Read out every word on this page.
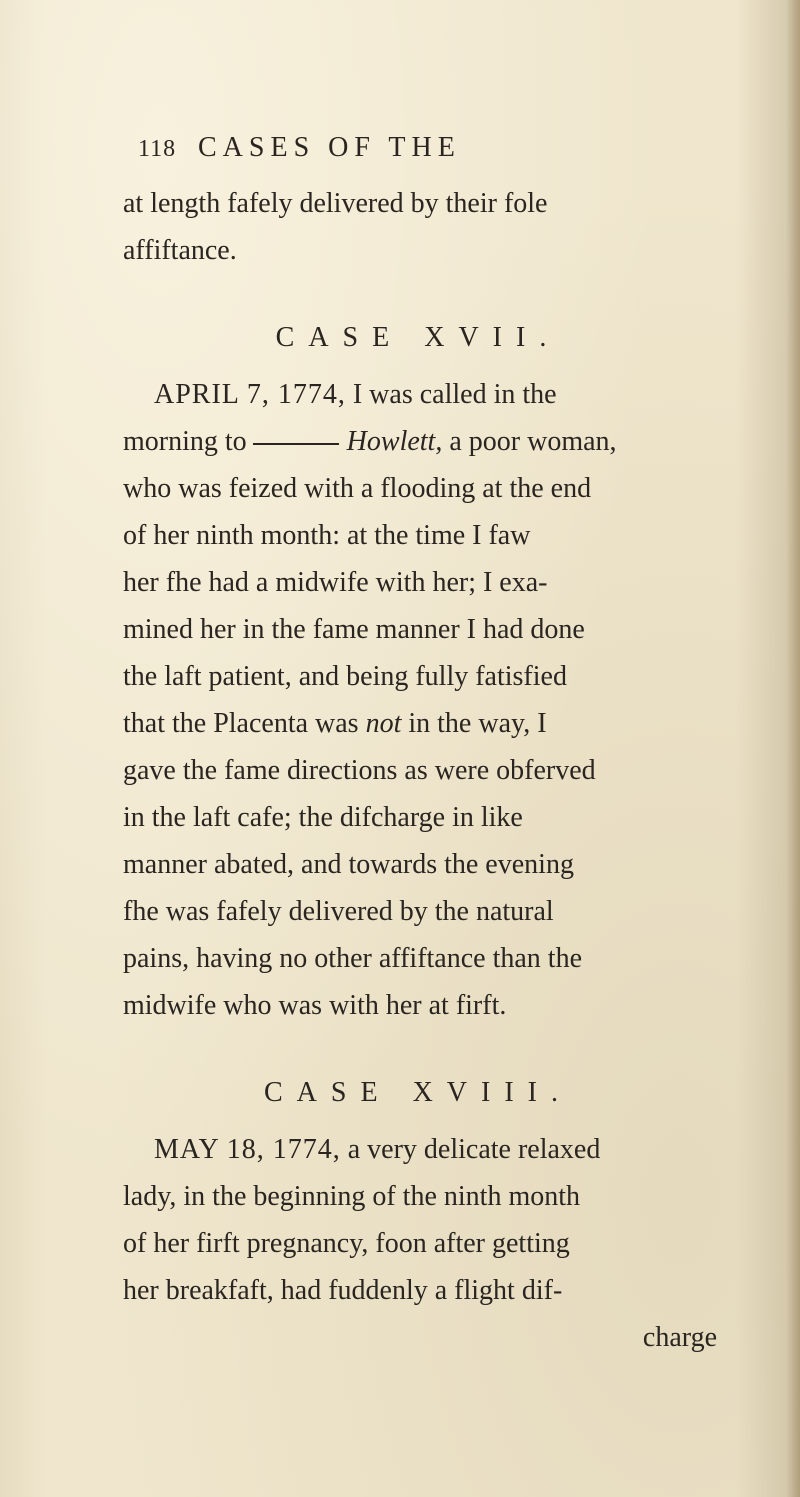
118 CASES OF THE

at length fafely delivered by their fole
affiftance.

CASE XVII.

APRIL 7, 1774, I was called in the
morning to	Howlett, a poor woman,
who was feized with a flooding at the end
of her ninth month: at the time I faw
her fhe had a midwife with her; I exa-
mined her in the fame manner I had done
the laft patient, and being fully fatisfied
that the Placenta was not in the way, I
gave the fame directions as were obferved
in the laft cafe; the difcharge in like
manner abated, and towards the evening
fhe was fafely delivered by the natural
pains, having no other affiftance than the
midwife who was with her at firft.

CASE XVIII.

MAY 18, 1774, a very delicate relaxed
lady, in the beginning of the ninth month
of her firft pregnancy, foon after getting
her breakfaft, had fuddenly a flight dif-
charge
